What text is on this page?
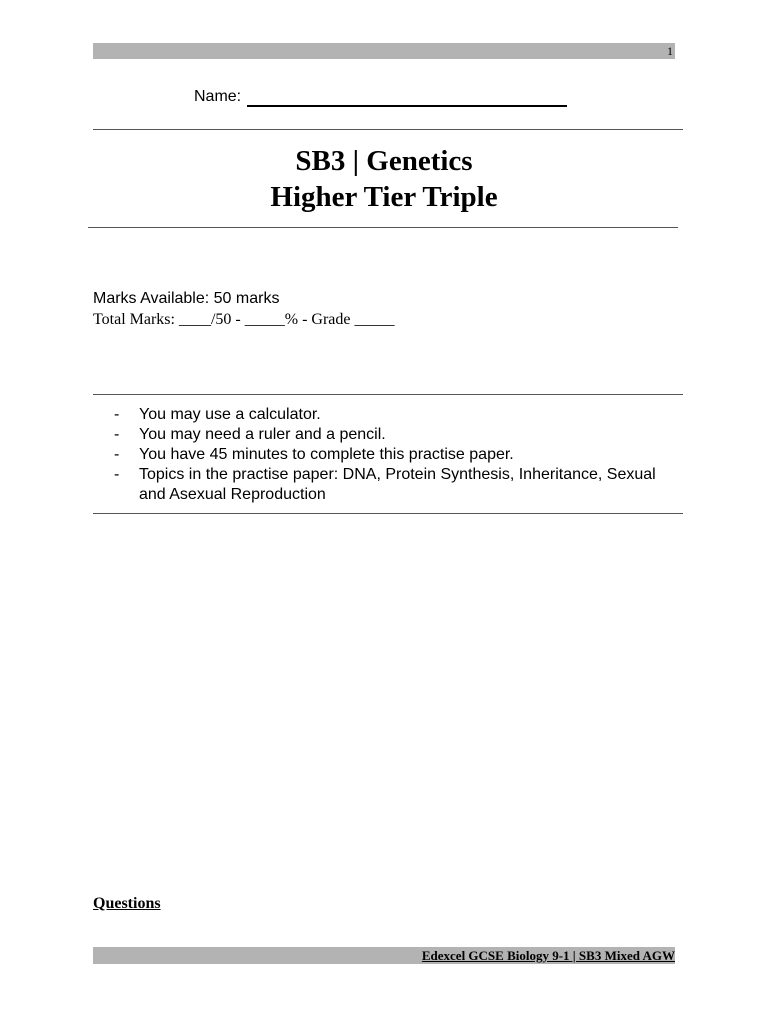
1
Name:
SB3 | Genetics
Higher Tier Triple
Marks Available: 50 marks
Total Marks: ____/50 - _____% - Grade _____
- You may use a calculator.
- You may need a ruler and a pencil.
- You have 45 minutes to complete this practise paper.
- Topics in the practise paper: DNA, Protein Synthesis, Inheritance, Sexual and Asexual Reproduction
Questions
Edexcel GCSE Biology 9-1 | SB3 Mixed AGW
